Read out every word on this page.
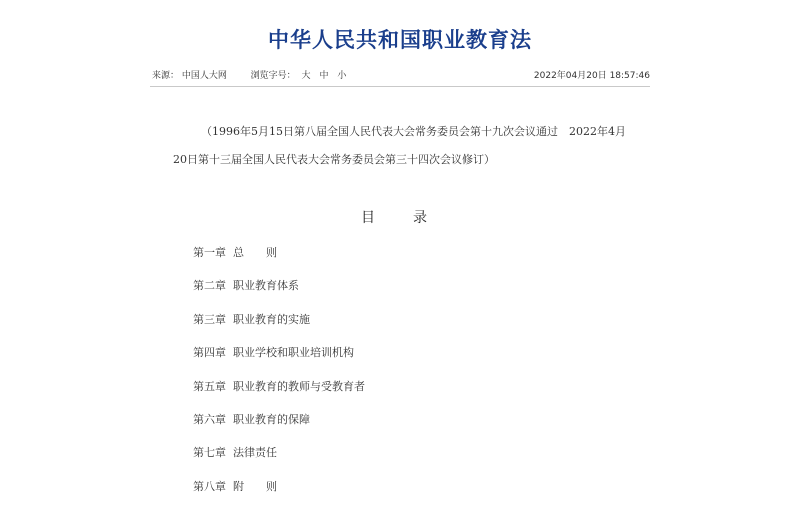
中华人民共和国职业教育法
来源： 中国人大网	浏览字号： 大 中 小	2022年04月20日 18:57:46
（1996年5月15日第八届全国人民代表大会常务委员会第十九次会议通过　2022年4月20日第十三届全国人民代表大会常务委员会第三十四次会议修订）
目　录
第一章 总　　则
第二章 职业教育体系
第三章 职业教育的实施
第四章 职业学校和职业培训机构
第五章 职业教育的教师与受教育者
第六章 职业教育的保障
第七章 法律责任
第八章 附　　则
